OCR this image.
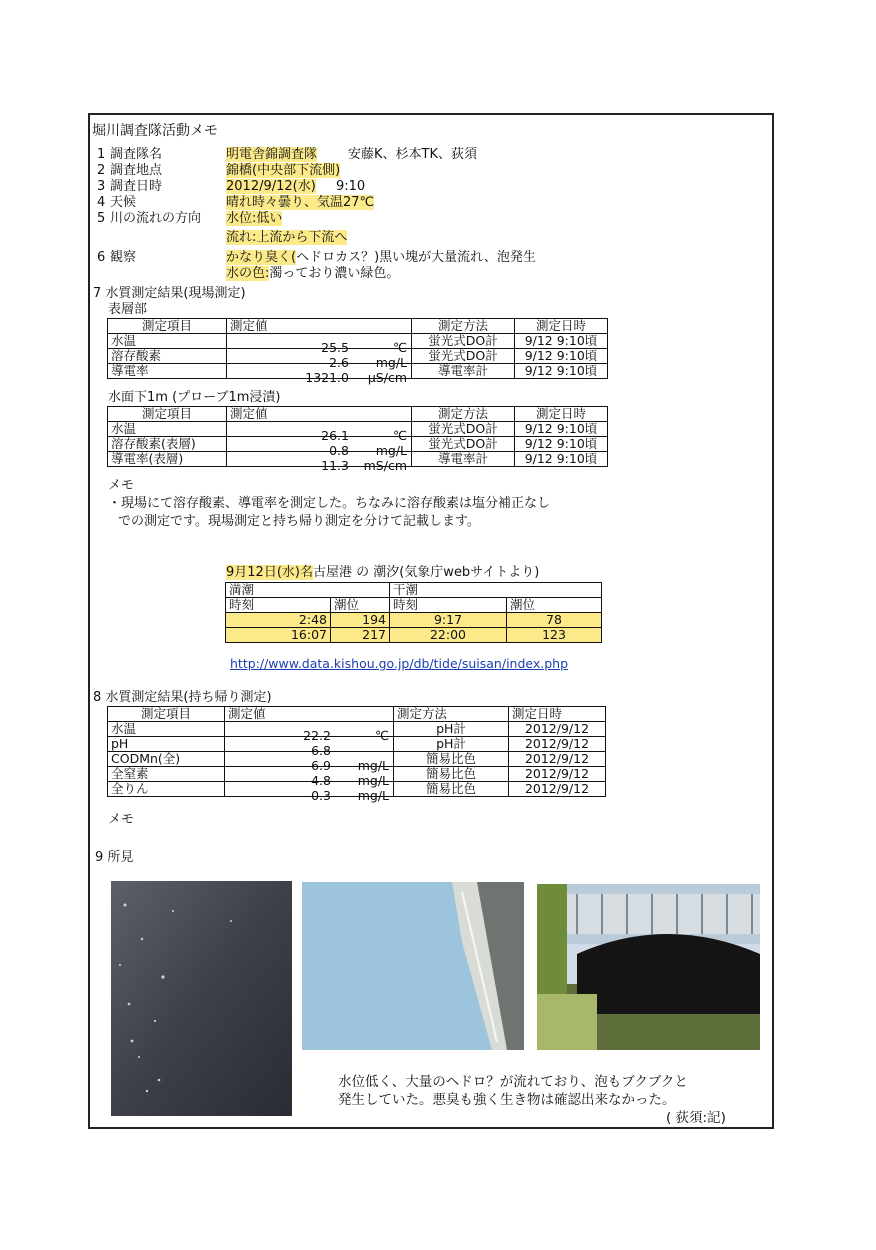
堀川調査隊活動メモ
1 調査隊名	明電舎錦調査隊 安藤K、杉本TK、荻須
2 調査地点	錦橋(中央部下流側)
3 調査日時	2012/9/12(水) 9:10
4 天候	晴れ時々曇り、気温27℃
5 川の流れの方向 水位:低い
流れ:上流から下流へ
6 観察	かなり臭く(ヘドロカス？)黒い塊が大量流れ、泡発生
水の色:濁っており濃い緑色。
7 水質測定結果(現場測定)
表層部
測定項目	測定値	測定方法	測定日時
水温	25.5 ℃	蛍光式DO計	9/12 9:10頃
溶存酸素	2.6 mg/L	蛍光式DO計	9/12 9:10頃
導電率	1321.0 μS/cm	導電率計	9/12 9:10頃
水面下1m (プローブ1m浸漬)
測定項目	測定値	測定方法	測定日時
水温	26.1 ℃	蛍光式DO計	9/12 9:10頃
溶存酸素(表層)	0.8 mg/L	蛍光式DO計	9/12 9:10頃
導電率(表層)	11.3 mS/cm	導電率計	9/12 9:10頃
メモ
・現場にて溶存酸素、導電率を測定した。ちなみに溶存酸素は塩分補正なし
での測定です。現場測定と持ち帰り測定を分けて記載します。
9月12日(水)名古屋港 の 潮汐(気象庁webサイトより)
満潮		干潮	
時刻	潮位	時刻	潮位
2:48	194	9:17	78
16:07	217	22:00	123
http://www.data.kishou.go.jp/db/tide/suisan/index.php
8 水質測定結果(持ち帰り測定)
測定項目	測定値	測定方法	測定日時
水温	22.2 ℃	pH計	2012/9/12
pH	6.8	pH計	2012/9/12
CODMn(全)	6.9 mg/L	簡易比色	2012/9/12
全窒素	4.8 mg/L	簡易比色	2012/9/12
全りん	0.3 mg/L	簡易比色	2012/9/12
メモ
9 所見
水位低く、大量のヘドロ？が流れており、泡もブクブクと
発生していた。悪臭も強く生き物は確認出来なかった。
( 荻須:記)
